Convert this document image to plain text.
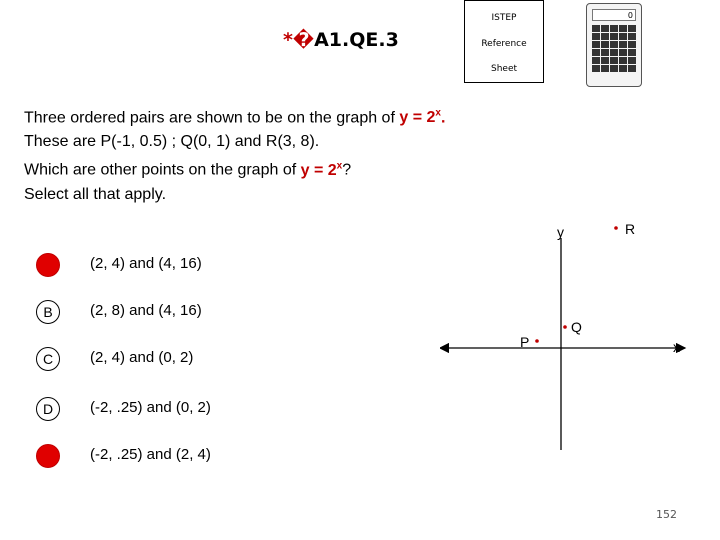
*�A1.QE.3
ISTEP
Reference
Sheet
0
Three ordered pairs are shown to be on the graph of $y = 2^x$.
These are P(-1, 0.5) ; Q(0, 1) and R(3, 8).
Which are other points on the graph of $y = 2^x$?
Select all that apply.
(2, 4) and (4, 16)
B	(2, 8) and (4, 16)
C	(2, 4) and (0, 2)
D	(-2, .25) and (0, 2)
(-2, .25) and (2, 4)
y
x
P
Q
R
152
